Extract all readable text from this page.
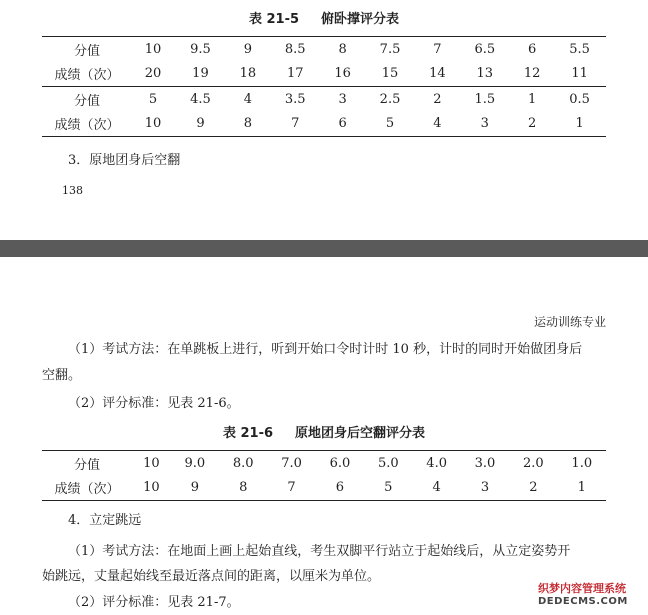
表 21-5 俯卧撑评分表
分值	10	9.5	9	8.5	8	7.5	7	6.5	6	5.5
成绩（次）	20	19	18	17	16	15	14	13	12	11
分值	5	4.5	4	3.5	3	2.5	2	1.5	1	0.5
成绩（次）	10	9	8	7	6	5	4	3	2	1
3．原地团身后空翻
138
运动训练专业
（1）考试方法：在单跳板上进行，听到开始口令时计时 10 秒，计时的同时开始做团身后
空翻。
（2）评分标准：见表 21-6。
表 21-6 原地团身后空翻评分表
分值	10	9.0	8.0	7.0	6.0	5.0	4.0	3.0	2.0	1.0
成绩（次）	10	9	8	7	6	5	4	3	2	1
4．立定跳远
（1）考试方法：在地面上画上起始直线，考生双脚平行站立于起始线后，从立定姿势开
始跳远，丈量起始线至最近落点间的距离，以厘米为单位。
（2）评分标准：见表 21-7。
织梦内容管理系统
DEDECMS.COM
